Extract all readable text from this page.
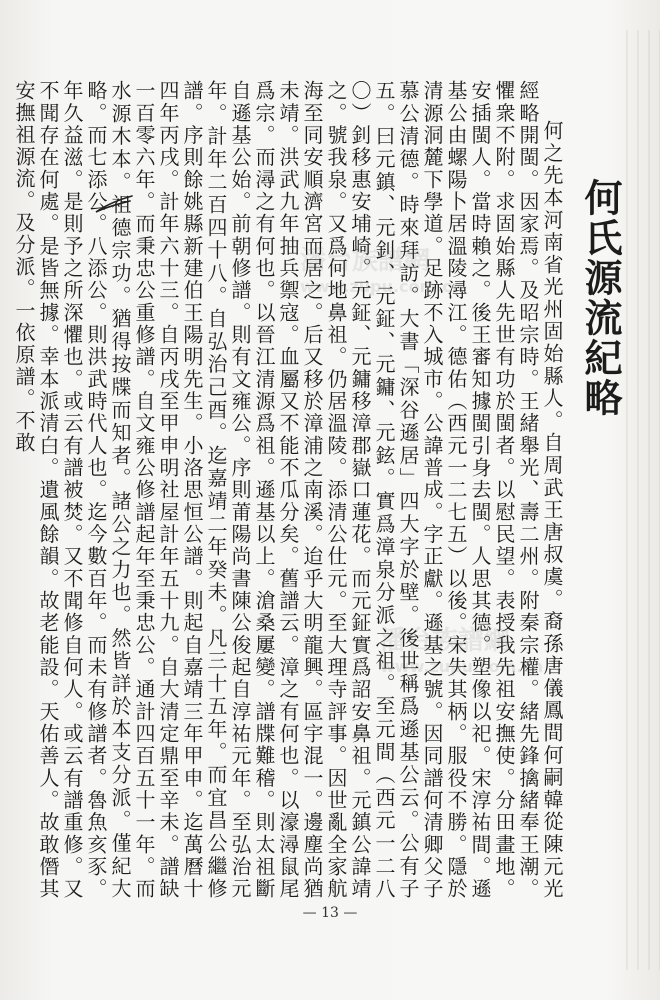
何氏源流紀略

何之先本河南省光州固始縣人。自周武王唐叔虞。裔孫唐儀鳳間何嗣韓從陳元光經略開閩。因家焉。及昭宗時。王緒舉光、壽二州。附秦宗權。緒先鋒擒緒奉王潮。懼衆不附。求固始縣人先世有功於閩者。以慰民望。表授我先祖安撫使。分田畫地。安插閩人。當時賴之。後王審知據閩引身去閩。人思其德。塑像以祀。宋淳祐間。遜基公由螺陽卜居溫陵潯江。德佑（西元一二七五）以後。宋失其柄。服役不勝。隱於清源洞麓下學道。足跡不入城市。公諱普成。字正獻。遜基之號。因同譜何清卿父子慕公清德。時來拜訪。大書「深谷遜居」四大字於壁。後世稱爲遜基公云。公有子五。曰元鎮、元釗、元鉦、元鏞、元鉉。實爲漳泉分派之祖。至元間（西元一二八〇）釗移惠安埔崎。元鉦、元鏞移漳郡嶽口蓮花。而元鉦實爲詔安鼻祖。元鎮公諱靖之。號我泉。又爲何地鼻祖。仍居溫陵。添清公仕元。至大理寺評事。因世亂全家航海至同安順濟宮而居之。后又移於漳浦之南溪。迨乎大明龍興。區宇混一。邊塵尚猶未靖。洪武九年抽兵禦寇。血屬又不能不瓜分矣。舊譜云。漳之有何也。以濠潯鼠尾爲宗。而潯之有何也。以晉江清源爲祖。遜基以上。滄桑屢變。譜牒難稽。則太祖斷自遜基公始。前朝修譜。則有文雍公。序則莆陽尚書陳公俊起自淳祐元年。至弘治元年。計年二百四十八。自弘治己酉。迄嘉靖二年癸未。凡三十五年。而宜昌公繼修譜。序則餘姚縣新建伯王陽明先生。小洛思恒公譜。則起自嘉靖三年甲申。迄萬曆十四年丙戌。計年六十三。自丙戌至甲申明社屋計年五十九。自大清定鼎至辛未。譜缺一百零六年。而秉忠公重修譜。自文雍公修譜起年至秉忠公。通計四百五十一年。而水源木本。祖德宗功。猶得按牒而知者。諸公之力也。然皆詳於本支分派。僅紀大略。而七添公。八添公。則洪武時代人也。迄今數百年。而未有修譜者。魯魚亥豕。年久益滋。是則予之所深懼也。或云有譜被焚。又不聞修自何人。或云有譜重修。又不聞存在何處。是皆無據。幸本派清白。遺風餘韻。故老能設。天佑善人。故敢僭其安撫祖源流。及分派。一依原譜。不敢	潘台族譜網
www.zupu.com.cn
潘台族譜網
www.zupu.com.cn
— 13 —
